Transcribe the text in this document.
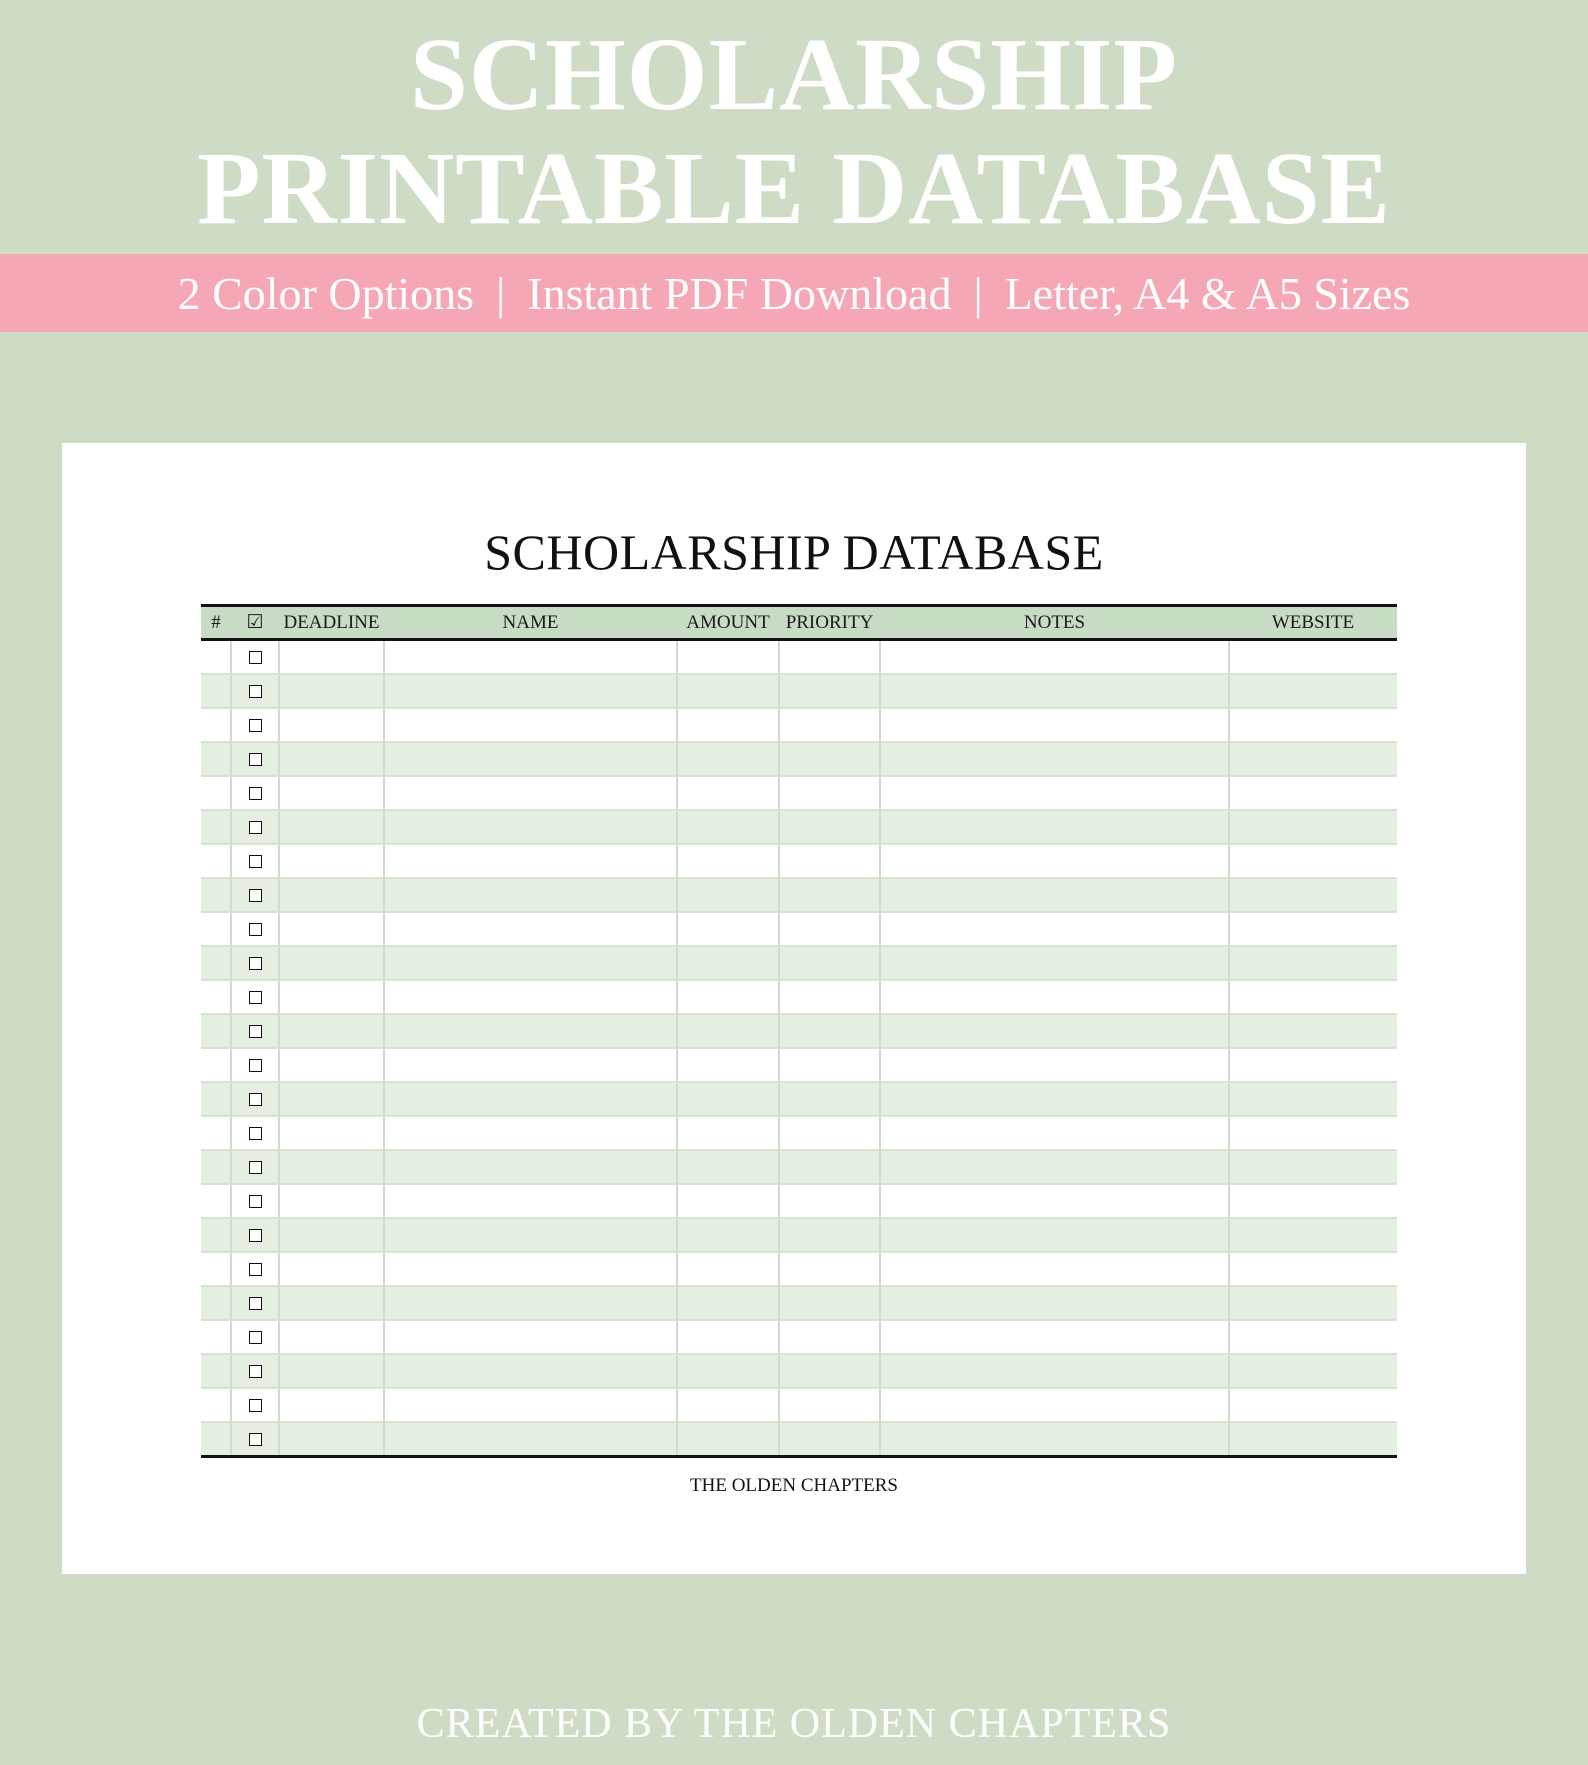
SCHOLARSHIP
PRINTABLE DATABASE
2 Color Options | Instant PDF Download | Letter, A4 & A5 Sizes
SCHOLARSHIP DATABASE
#	☑	DEADLINE	NAME	AMOUNT	PRIORITY	NOTES	WEBSITE

THE OLDEN CHAPTERS
CREATED BY THE OLDEN CHAPTERS
